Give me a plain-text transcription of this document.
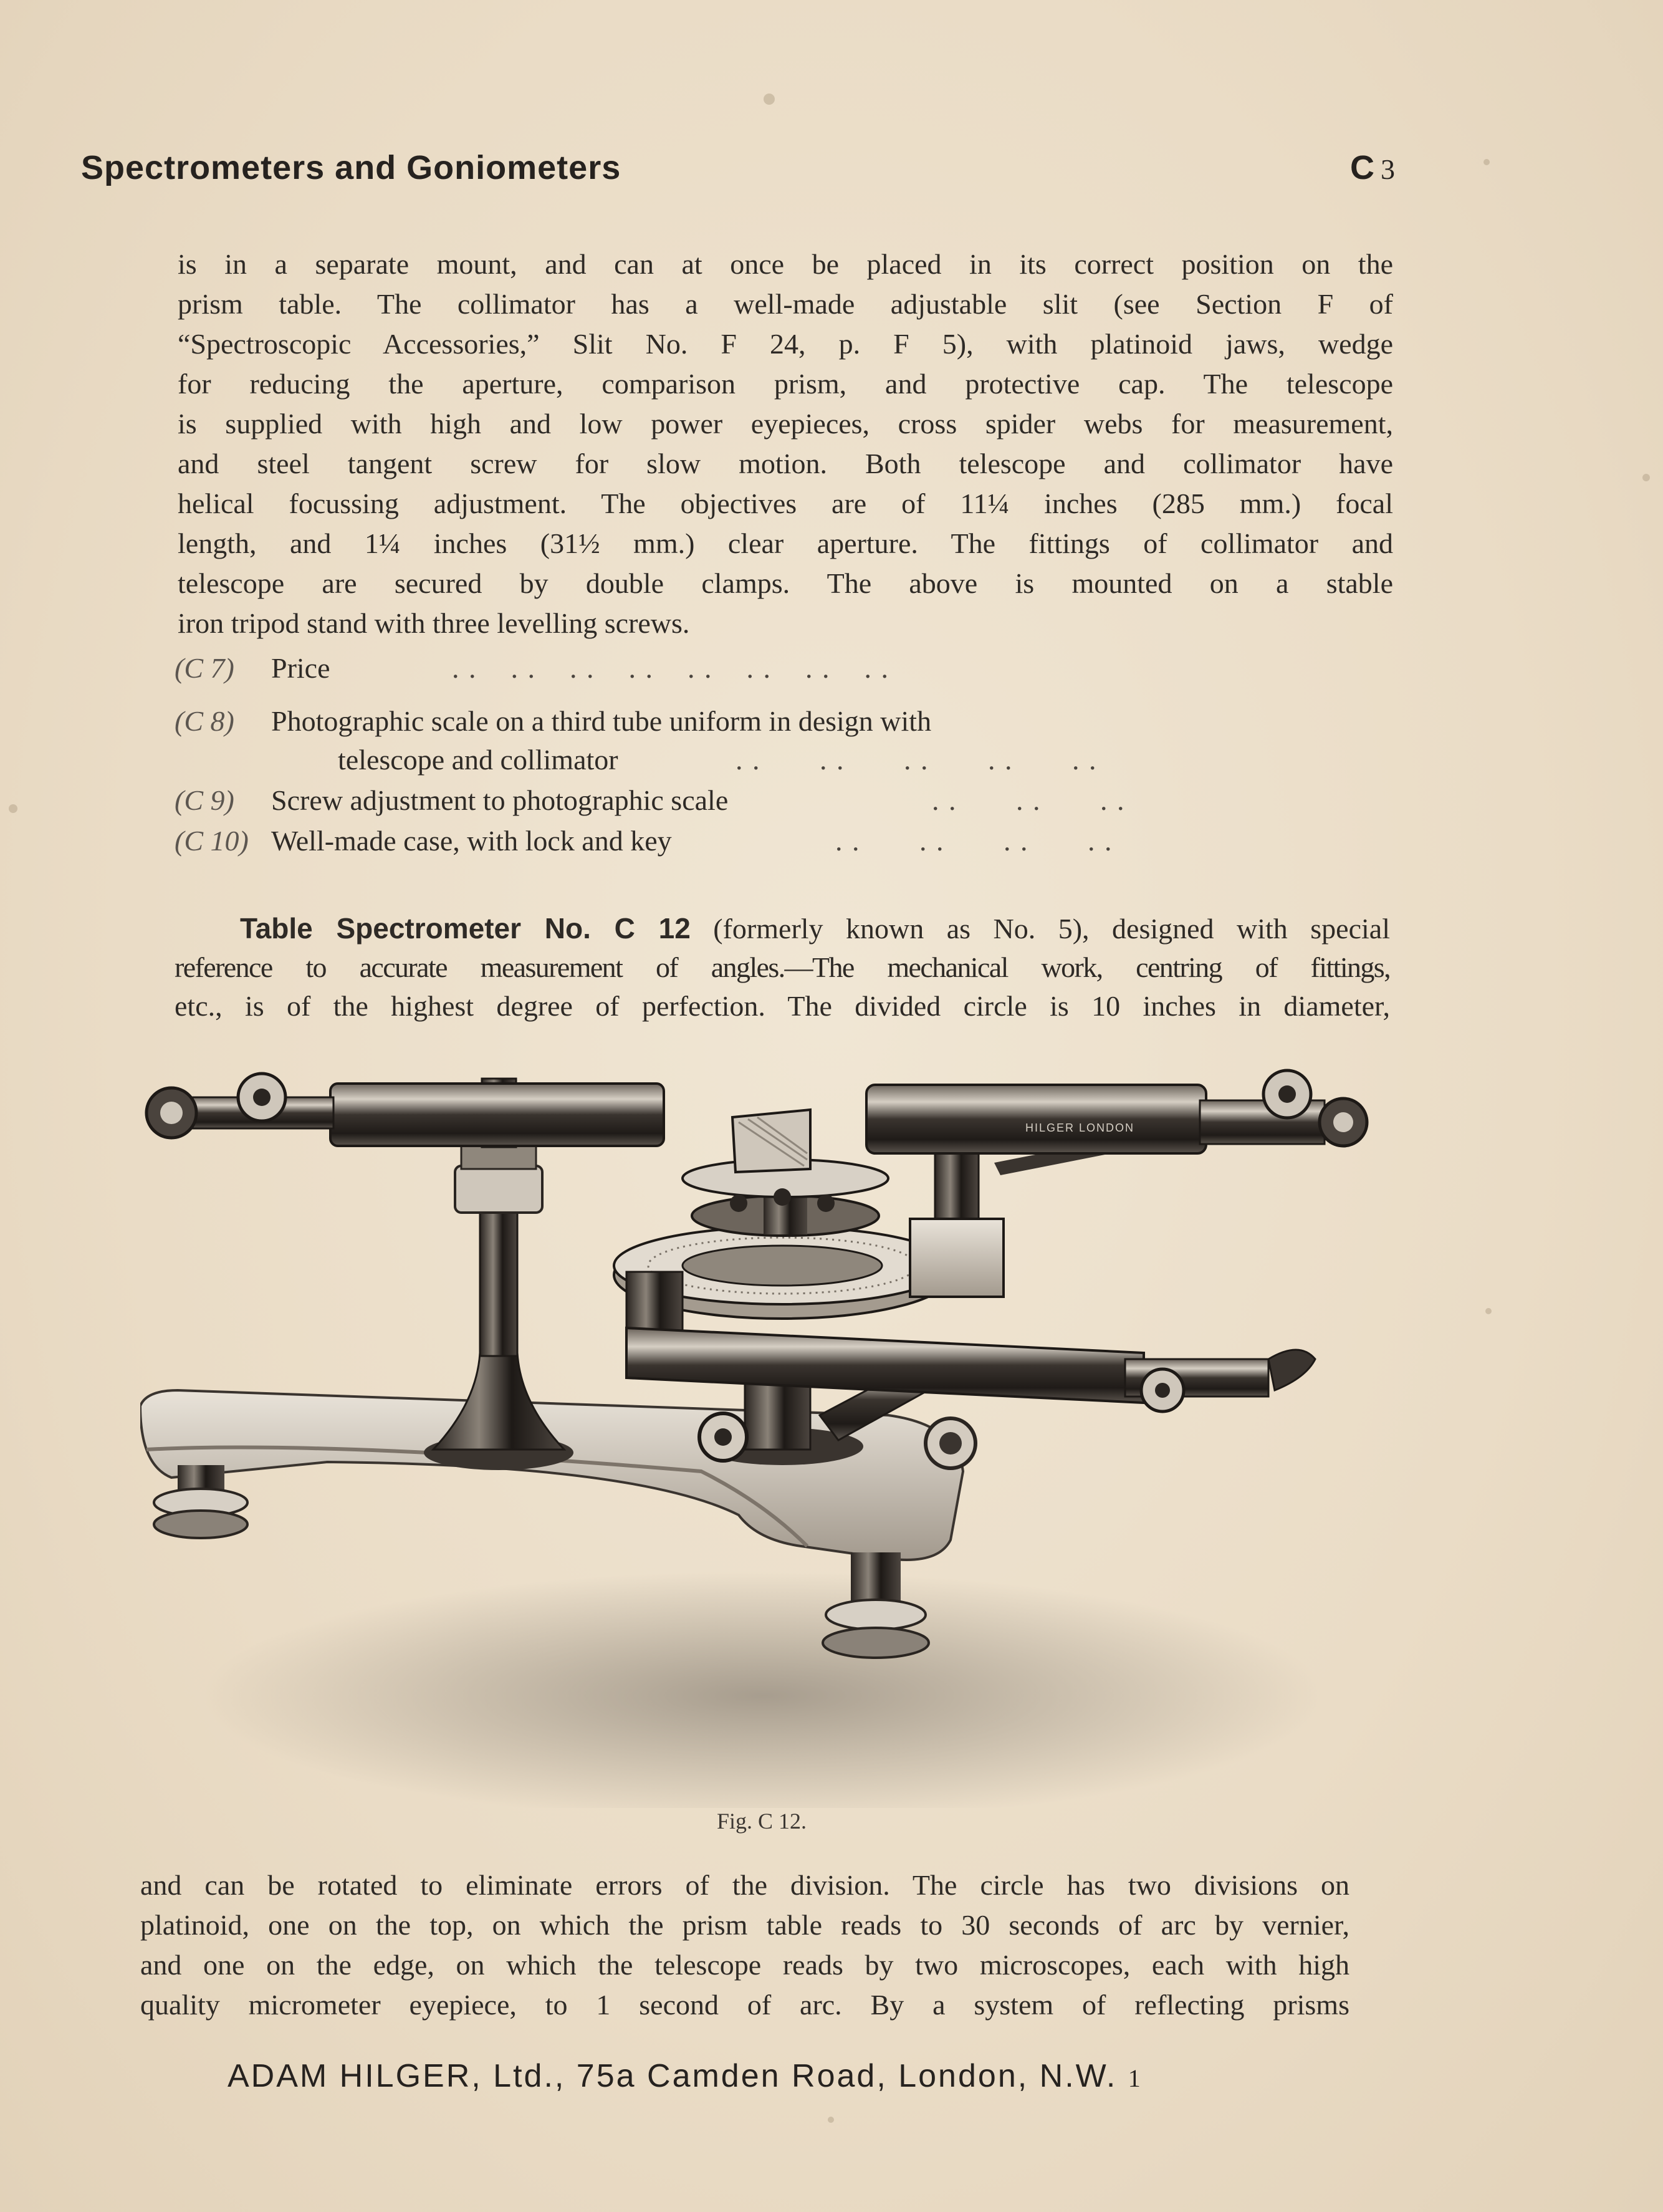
Spectrometers and Goniometers	C 3
is in a separate mount, and can at once be placed in its correct position on the
prism table. The collimator has a well-made adjustable slit (see Section F of
“Spectroscopic Accessories,” Slit No. F 24, p. F 5), with platinoid jaws, wedge
for reducing the aperture, comparison prism, and protective cap. The telescope
is supplied with high and low power eyepieces, cross spider webs for measurement,
and steel tangent screw for slow motion. Both telescope and collimator have
helical focussing adjustment. The objectives are of 11¼ inches (285 mm.) focal
length, and 1¼ inches (31½ mm.) clear aperture. The fittings of collimator and
telescope are secured by double clamps. The above is mounted on a stable
iron tripod stand with three levelling screws.
(C 7) Price	. .    . .    . .    . .    . .    . .    . .    . .
(C 8) Photographic scale on a third tube uniform in design with
telescope and collimator	. .       . .       . .       . .       . .
(C 9) Screw adjustment to photographic scale	. .       . .       . .
(C 10) Well-made case, with lock and key	. .       . .       . .       . .
Table Spectrometer No. C 12 (formerly known as No. 5), designed with special
reference to accurate measurement of angles.—The mechanical work, centring of fittings,
etc., is of the highest degree of perfection. The divided circle is 10 inches in diameter,
HILGER LONDON
Fig. C 12.
and can be rotated to eliminate errors of the division. The circle has two divisions on
platinoid, one on the top, on which the prism table reads to 30 seconds of arc by vernier,
and one on the edge, on which the telescope reads by two microscopes, each with high
quality micrometer eyepiece, to 1 second of arc. By a system of reflecting prisms
ADAM HILGER, Ltd., 75a Camden Road, London, N.W. 1
